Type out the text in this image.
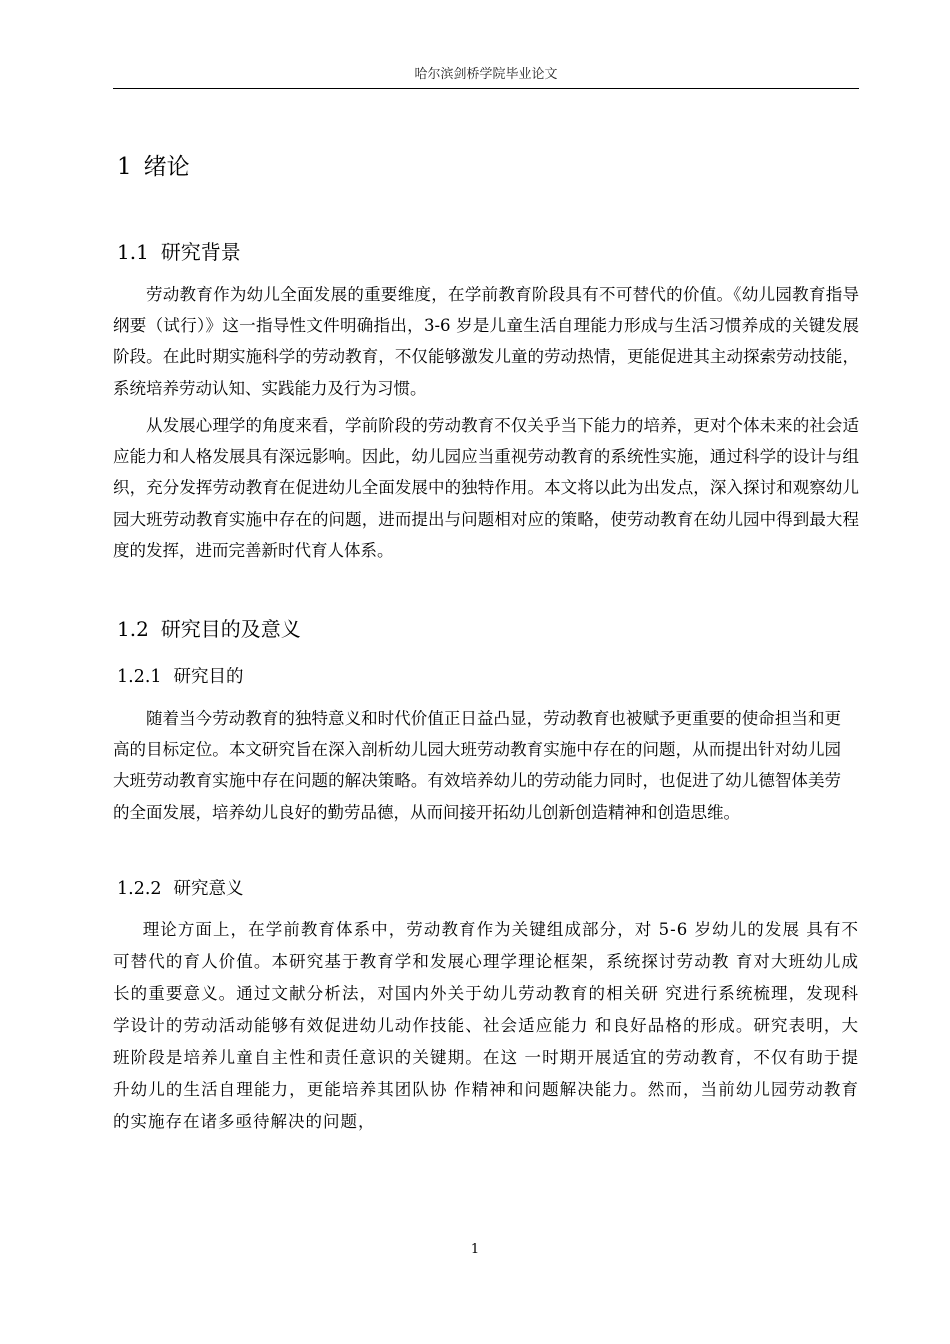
哈尔滨剑桥学院毕业论文
1 绪论
1.1 研究背景

劳动教育作为幼儿全面发展的重要维度，在学前教育阶段具有不可替代的价值。《幼儿园教育指导纲要（试行）》这一指导性文件明确指出，3-6 岁是儿童生活自理能力形成与生活习惯养成的关键发展阶段。在此时期实施科学的劳动教育，不仅能够激发儿童的劳动热情，更能促进其主动探索劳动技能，系统培养劳动认知、实践能力及行为习惯。

从发展心理学的角度来看，学前阶段的劳动教育不仅关乎当下能力的培养，更对个体未来的社会适应能力和人格发展具有深远影响。因此，幼儿园应当重视劳动教育的系统性实施，通过科学的设计与组织，充分发挥劳动教育在促进幼儿全面发展中的独特作用。本文将以此为出发点，深入探讨和观察幼儿园大班劳动教育实施中存在的问题，进而提出与问题相对应的策略，使劳动教育在幼儿园中得到最大程度的发挥，进而完善新时代育人体系。

1.2 研究目的及意义
1.2.1 研究目的

随着当今劳动教育的独特意义和时代价值正日益凸显，劳动教育也被赋予更重要的使命担当和更高的目标定位。本文研究旨在深入剖析幼儿园大班劳动教育实施中存在的问题，从而提出针对幼儿园大班劳动教育实施中存在问题的解决策略。有效培养幼儿的劳动能力同时，也促进了幼儿德智体美劳的全面发展，培养幼儿良好的勤劳品德，从而间接开拓幼儿创新创造精神和创造思维。

1.2.2 研究意义

理论方面上，在学前教育体系中，劳动教育作为关键组成部分，对 5-6 岁幼儿的发展 具有不可替代的育人价值。本研究基于教育学和发展心理学理论框架，系统探讨劳动教 育对大班幼儿成长的重要意义。通过文献分析法，对国内外关于幼儿劳动教育的相关研 究进行系统梳理，发现科学设计的劳动活动能够有效促进幼儿动作技能、社会适应能力 和良好品格的形成。研究表明，大班阶段是培养儿童自主性和责任意识的关键期。在这 一时期开展适宜的劳动教育，不仅有助于提升幼儿的生活自理能力，更能培养其团队协 作精神和问题解决能力。然而，当前幼儿园劳动教育的实施存在诸多亟待解决的问题，

1
